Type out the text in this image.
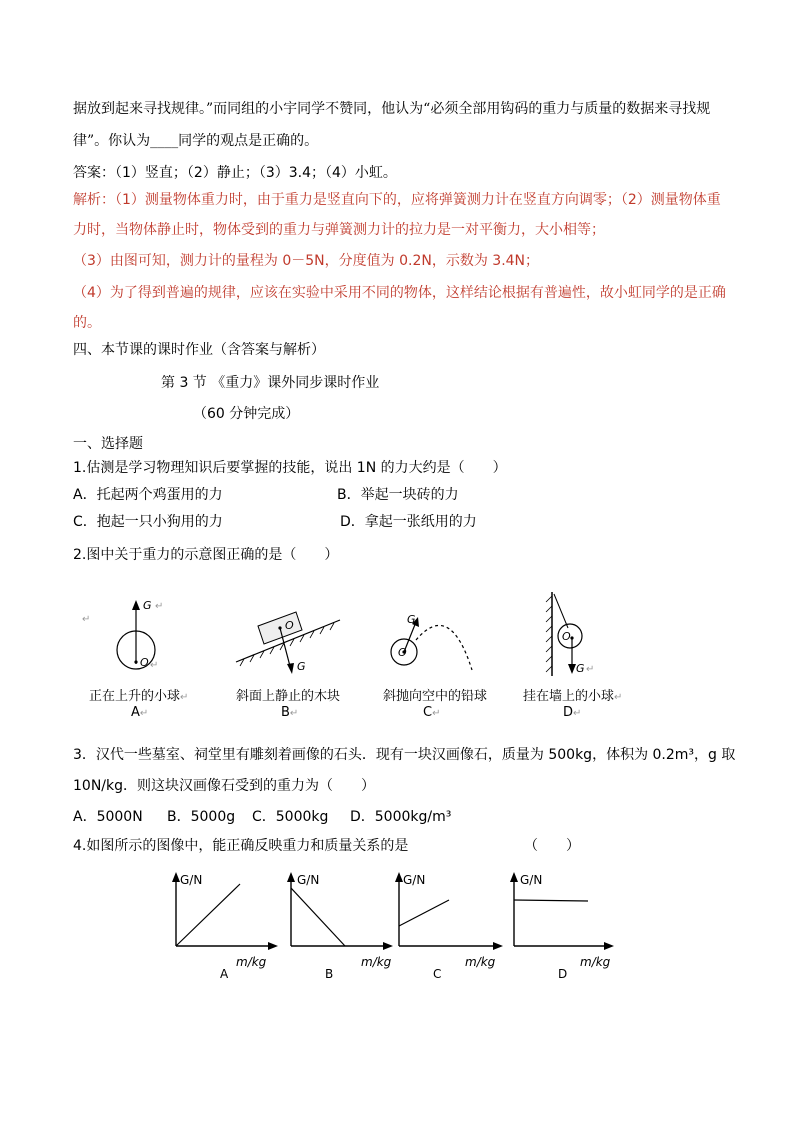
据放到起来寻找规律。”而同组的小宇同学不赞同，他认为“必须全部用钩码的重力与质量的数据来寻找规
律”。你认为____同学的观点是正确的。
答案：（1）竖直；（2）静止；（3）3.4；（4）小虹。
解析：（1）测量物体重力时，由于重力是竖直向下的，应将弹簧测力计在竖直方向调零；（2）测量物体重
力时，当物体静止时，物体受到的重力与弹簧测力计的拉力是一对平衡力，大小相等；
（3）由图可知，测力计的量程为 0－5N，分度值为 0.2N，示数为 3.4N；
（4）为了得到普遍的规律，应该在实验中采用不同的物体，这样结论根据有普遍性，故小虹同学的是正确
的。
四、本节课的课时作业（含答案与解析）
第 3 节 《重力》课外同步课时作业
（60 分钟完成）
一、选择题
1.估测是学习物理知识后要掌握的技能，说出 1N 的力大约是（　　）
A．托起两个鸡蛋用的力	B．举起一块砖的力
C．抱起一只小狗用的力	D．拿起一张纸用的力
2.图中关于重力的示意图正确的是（　　）
↵
G ↵
O ↵
正在上升的小球↵
A↵
O
G
斜面上静止的木块
B↵
G
O
斜抛向空中的铅球
C↵
O
G ↵
挂在墙上的小球↵
D↵
3．汉代一些墓室、祠堂里有雕刻着画像的石头．现有一块汉画像石，质量为 500kg，体积为 0.2m³，g 取
10N/kg．则这块汉画像石受到的重力为（　　）
A．5000N B．5000g C．5000kg D．5000kg/m³
4.如图所示的图像中，能正确反映重力和质量关系的是	（　　）
G/N
m/kg
A
G/N
m/kg
B
G/N
m/kg
C
G/N
m/kg
D
